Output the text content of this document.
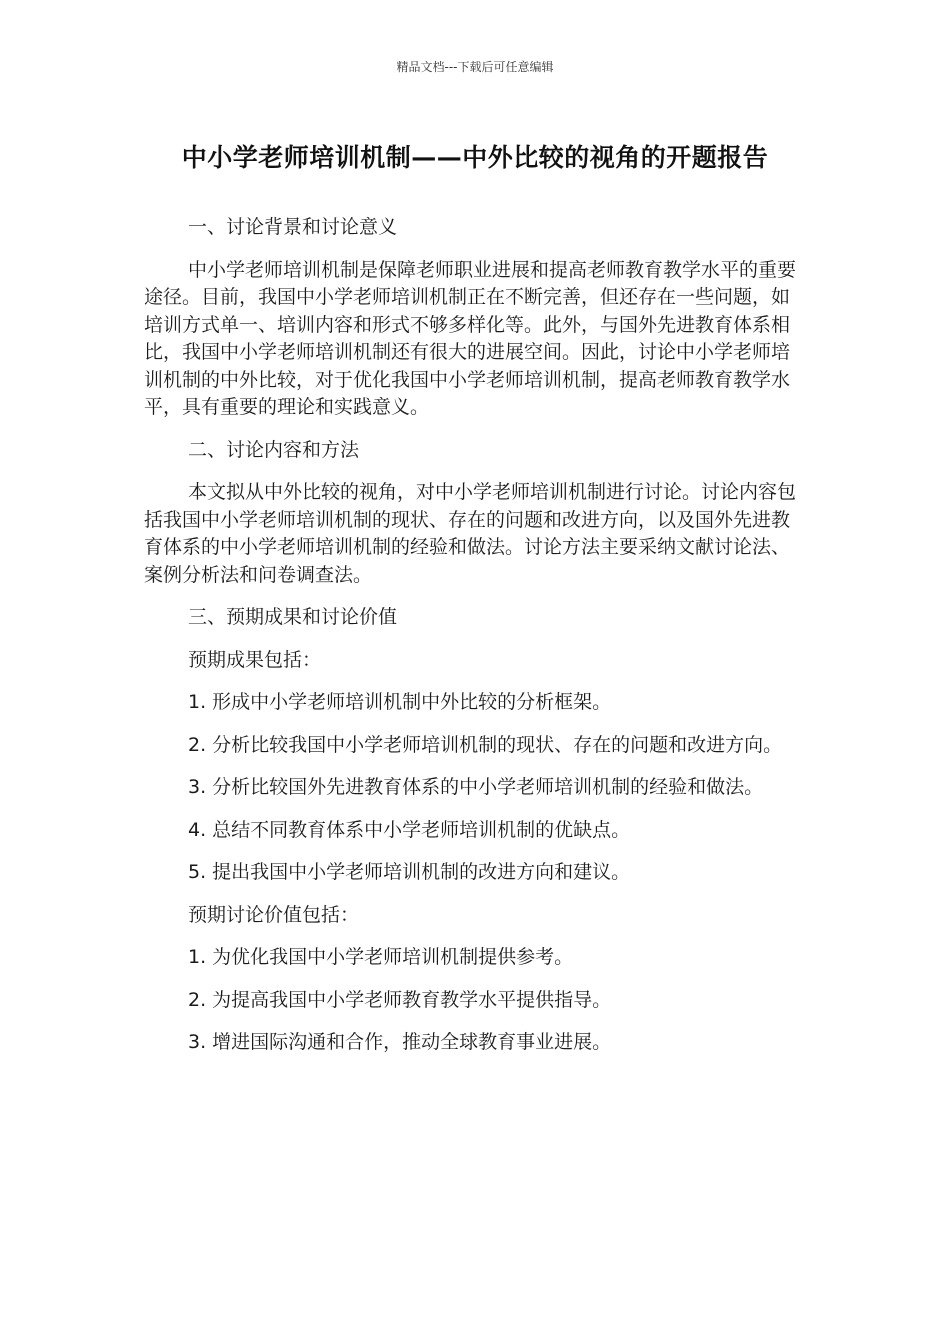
精品文档---下载后可任意编辑
中小学老师培训机制——中外比较的视角的开题报告

一、讨论背景和讨论意义

中小学老师培训机制是保障老师职业进展和提高老师教育教学水平的重要途径。目前，我国中小学老师培训机制正在不断完善，但还存在一些问题，如培训方式单一、培训内容和形式不够多样化等。此外，与国外先进教育体系相比，我国中小学老师培训机制还有很大的进展空间。因此，讨论中小学老师培训机制的中外比较，对于优化我国中小学老师培训机制，提高老师教育教学水平，具有重要的理论和实践意义。

二、讨论内容和方法

本文拟从中外比较的视角，对中小学老师培训机制进行讨论。讨论内容包括我国中小学老师培训机制的现状、存在的问题和改进方向，以及国外先进教育体系的中小学老师培训机制的经验和做法。讨论方法主要采纳文献讨论法、案例分析法和问卷调查法。

三、预期成果和讨论价值

预期成果包括：

1. 形成中小学老师培训机制中外比较的分析框架。

2. 分析比较我国中小学老师培训机制的现状、存在的问题和改进方向。

3. 分析比较国外先进教育体系的中小学老师培训机制的经验和做法。

4. 总结不同教育体系中小学老师培训机制的优缺点。

5. 提出我国中小学老师培训机制的改进方向和建议。

预期讨论价值包括：

1. 为优化我国中小学老师培训机制提供参考。

2. 为提高我国中小学老师教育教学水平提供指导。

3. 增进国际沟通和合作，推动全球教育事业进展。
